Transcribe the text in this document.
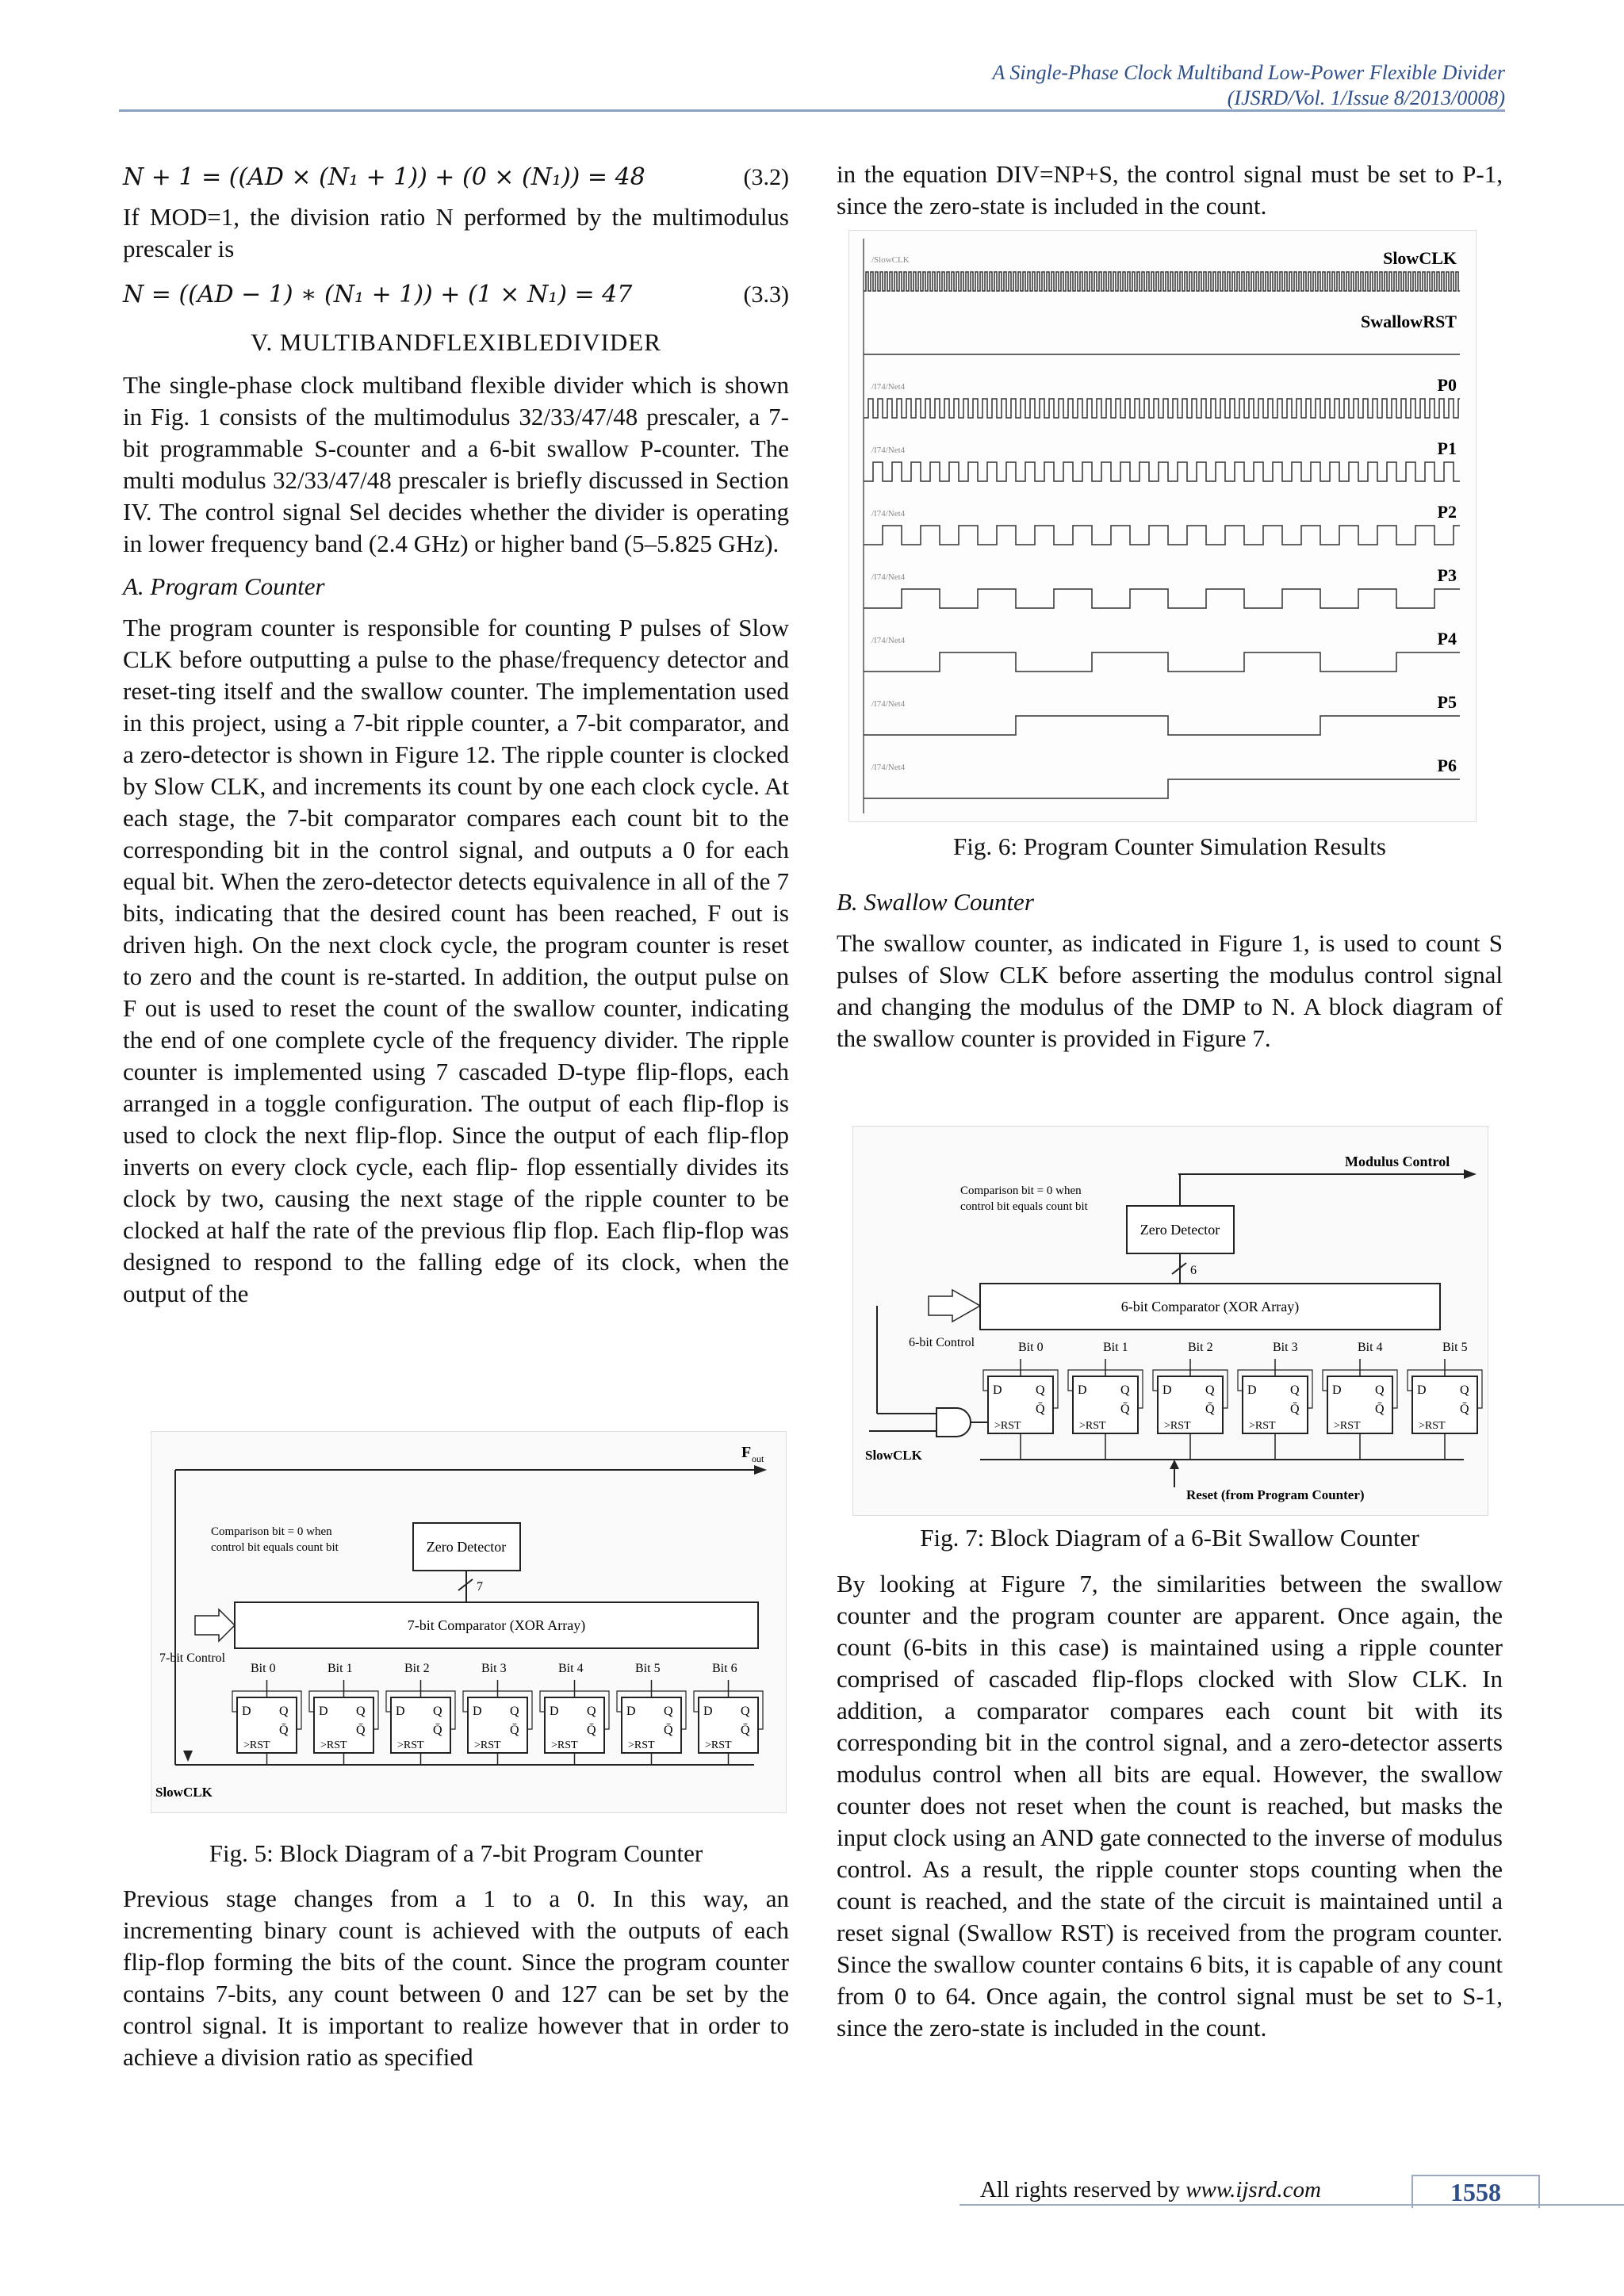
A Single-Phase Clock Multiband Low-Power Flexible Divider
(IJSRD/Vol. 1/Issue 8/2013/0008)
N + 1 = ((AD × (N₁ + 1)) + (0 × (N₁)) = 48	(3.2)

If MOD=1, the division ratio N performed by the multimodulus prescaler is

N = ((AD − 1) ∗ (N₁ + 1)) + (1 × N₁) = 47	(3.3)
V. MULTIBANDFLEXIBLEDIVIDER

The single-phase clock multiband flexible divider which is shown in Fig. 1 consists of the multimodulus 32/33/47/48 prescaler, a 7-bit programmable S-counter and a 6-bit swallow P-counter. The multi modulus 32/33/47/48 prescaler is briefly discussed in Section IV. The control signal Sel decides whether the divider is operating in lower frequency band (2.4 GHz) or higher band (5–5.825 GHz).

A. Program Counter

The program counter is responsible for counting P pulses of Slow CLK before outputting a pulse to the phase/frequency detector and reset-ting itself and the swallow counter. The implementation used in this project, using a 7-bit ripple counter, a 7-bit comparator, and a zero-detector is shown in Figure 12. The ripple counter is clocked by Slow CLK, and increments its count by one each clock cycle. At each stage, the 7-bit comparator compares each count bit to the corresponding bit in the control signal, and outputs a 0 for each equal bit. When the zero-detector detects equivalence in all of the 7 bits, indicating that the desired count has been reached, F out is driven high. On the next clock cycle, the program counter is reset to zero and the count is re-started. In addition, the output pulse on F out is used to reset the count of the swallow counter, indicating the end of one complete cycle of the frequency divider. The ripple counter is implemented using 7 cascaded D-type flip-flops, each arranged in a toggle configuration. The output of each flip-flop is used to clock the next flip-flop. Since the output of each flip-flop inverts on every clock cycle, each flip- flop essentially divides its clock by two, causing the next stage of the ripple counter to be clocked at half the rate of the previous flip flop. Each flip-flop was designed to respond to the falling edge of its clock, when the output of the

F out
Zero Detector
7
Comparison bit = 0 when
control bit equals count bit
7-bit Comparator (XOR Array)
7-bit Control
Bit 0	Bit 1	Bit 2	Bit 3	Bit 4	Bit 5	Bit 6
D Q
Q̄
>RST
D Q
Q̄
>RST
D Q
Q̄
>RST
D Q
Q̄
>RST
D Q
Q̄
>RST
D Q
Q̄
>RST
D Q
Q̄
>RST
SlowCLK
Fig. 5: Block Diagram of a 7-bit Program Counter

Previous stage changes from a 1 to a 0. In this way, an incrementing binary count is achieved with the outputs of each flip-flop forming the bits of the count. Since the program counter contains 7-bits, any count between 0 and 127 can be set by the control signal. It is important to realize however that in order to achieve a division ratio as specified

in the equation DIV=NP+S, the control signal must be set to P-1, since the zero-state is included in the count.

SlowCLK
/SlowCLK
SwallowRST
P0
/I74/Net4
P1
/I74/Net4
P2
/I74/Net4
P3
/I74/Net4
P4
/I74/Net4
P5
/I74/Net4
P6
/I74/Net4
Fig. 6: Program Counter Simulation Results
B. Swallow Counter

The swallow counter, as indicated in Figure 1, is used to count S pulses of Slow CLK before asserting the modulus control signal and changing the modulus of the DMP to N. A block diagram of the swallow counter is provided in Figure 7.

Modulus Control
Zero Detector
6
Comparison bit = 0 when
control bit equals count bit
6-bit Comparator (XOR Array)
6-bit Control	Bit 0	Bit 1	Bit 2	Bit 3	Bit 4	Bit 5
D	Q
Q̄
>RST
D	Q
Q̄
>RST
D	Q
Q̄
>RST
D	Q
Q̄
>RST
D	Q
Q̄
>RST
D	Q
Q̄
>RST
SlowCLK
Reset (from Program Counter)
Fig. 7: Block Diagram of a 6-Bit Swallow Counter

By looking at Figure 7, the similarities between the swallow counter and the program counter are apparent. Once again, the count (6-bits in this case) is maintained using a ripple counter comprised of cascaded flip-flops clocked with Slow CLK. In addition, a comparator compares each count bit with its corresponding bit in the control signal, and a zero-detector asserts modulus control when all bits are equal. However, the swallow counter does not reset when the count is reached, but masks the input clock using an AND gate connected to the inverse of modulus control. As a result, the ripple counter stops counting when the count is reached, and the state of the circuit is maintained until a reset signal (Swallow RST) is received from the program counter. Since the swallow counter contains 6 bits, it is capable of any count from 0 to 64. Once again, the control signal must be set to S-1, since the zero-state is included in the count.

All rights reserved by www.ijsrd.com	1558
